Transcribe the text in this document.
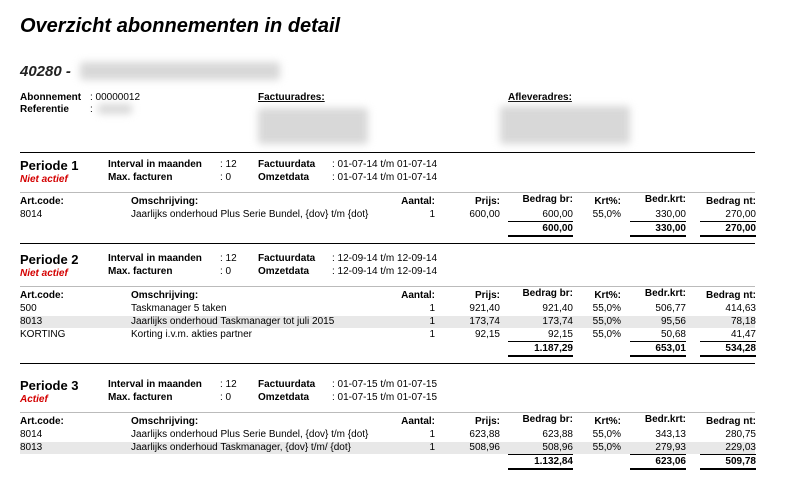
Overzicht abonnementen in detail
40280 -
Abonnement : 00000012
Referentie :
Factuuradres:	Afleveradres:
Periode 1
Niet actief
Interval in maanden : 12
Max. facturen	: 0
Factuurdata : 01-07-14 t/m 01-07-14
Omzetdata : 01-07-14 t/m 01-07-14
Art.code:	Omschrijving:	Aantal:	Prijs: Bedrag br: Krt%: Bedr.krt: Bedrag nt:
8014	Jaarlijks onderhoud Plus Serie Bundel, {dov} t/m {dot}	1	600,00	600,00 55,0%	330,00	270,00
600,00	330,00	270,00
Periode 2
Niet actief
Interval in maanden : 12
Max. facturen	: 0
Factuurdata : 12-09-14 t/m 12-09-14
Omzetdata : 12-09-14 t/m 12-09-14
Art.code:	Omschrijving:	Aantal:	Prijs: Bedrag br: Krt%: Bedr.krt: Bedrag nt:
500	Taskmanager 5 taken	1	921,40	921,40 55,0%	506,77	414,63
8013	Jaarlijks onderhoud Taskmanager tot juli 2015	1	173,74	173,74 55,0%	95,56	78,18
KORTING	Korting i.v.m. akties partner	1	92,15	92,15 55,0%	50,68	41,47
1.187,29	653,01	534,28
Periode 3
Actief
Interval in maanden : 12
Max. facturen	: 0
Factuurdata : 01-07-15 t/m 01-07-15
Omzetdata : 01-07-15 t/m 01-07-15
Art.code:	Omschrijving:	Aantal:	Prijs: Bedrag br: Krt%: Bedr.krt: Bedrag nt:
8014	Jaarlijks onderhoud Plus Serie Bundel, {dov} t/m {dot}	1	623,88	623,88 55,0%	343,13	280,75
8013	Jaarlijks onderhoud Taskmanager, {dov} t/m/ {dot}	1	508,96	508,96 55,0%	279,93	229,03
1.132,84	623,06	509,78
